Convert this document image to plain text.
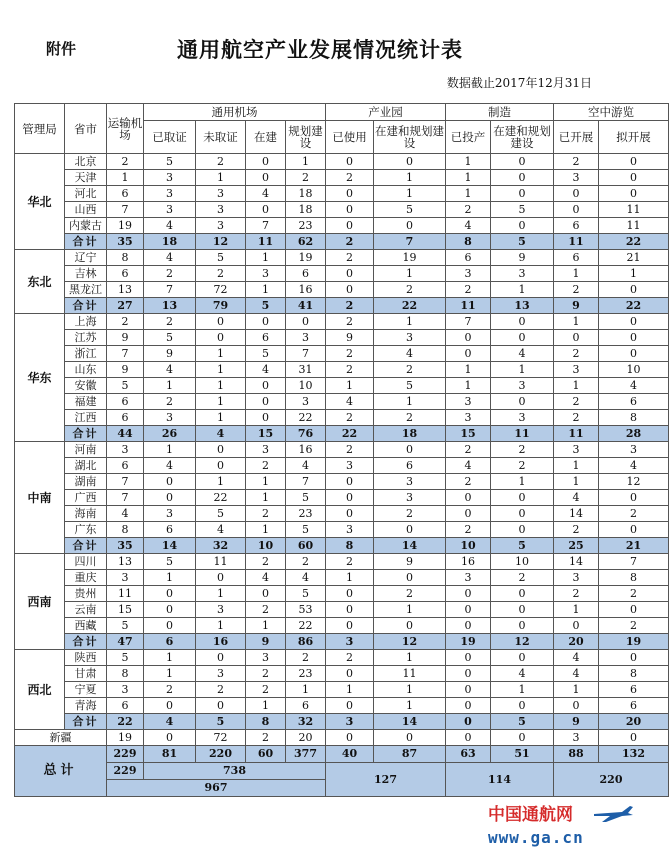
附件	通用航空产业发展情况统计表
数据截止2017年12月31日
管理局	省市	运输机场	通用机场				产业园		制造		空中游览	
			已取证	未取证	在建	规划建设	已使用	在建和规划建设	已投产	在建和规划建设	已开展	拟开展
华北	北京	2	5	2	0	1	0	0	1	0	2	0
	天津	1	3	1	0	2	2	1	1	0	3	0
	河北	6	3	3	4	18	0	1	1	0	0	0
	山西	7	3	3	0	18	0	5	2	5	0	11
	内蒙古	19	4	3	7	23	0	0	4	0	6	11
	合计	35	18	12	11	62	2	7	8	5	11	22
东北	辽宁	8	4	5	1	19	2	19	6	9	6	21
	吉林	6	2	2	3	6	0	1	3	3	1	1
	黑龙江	13	7	72	1	16	0	2	2	1	2	0
	合计	27	13	79	5	41	2	22	11	13	9	22
华东	上海	2	2	0	0	0	2	1	7	0	1	0
	江苏	9	5	0	6	3	9	3	0	0	0	0
	浙江	7	9	1	5	7	2	4	0	4	2	0
	山东	9	4	1	4	31	2	2	1	1	3	10
	安徽	5	1	1	0	10	1	5	1	3	1	4
	福建	6	2	1	0	3	4	1	3	0	2	6
	江西	6	3	1	0	22	2	2	3	3	2	8
	合计	44	26	4	15	76	22	18	15	11	11	28
中南	河南	3	1	0	3	16	2	0	2	2	3	3
	湖北	6	4	0	2	4	3	6	4	2	1	4
	湖南	7	0	1	1	7	0	3	2	1	1	12
	广西	7	0	22	1	5	0	3	0	0	4	0
	海南	4	3	5	2	23	0	2	0	0	14	2
	广东	8	6	4	1	5	3	0	2	0	2	0
	合计	35	14	32	10	60	8	14	10	5	25	21
西南	四川	13	5	11	2	2	2	9	16	10	14	7
	重庆	3	1	0	4	4	1	0	3	2	3	8
	贵州	11	0	1	0	5	0	2	0	0	2	2
	云南	15	0	3	2	53	0	1	0	0	1	0
	西藏	5	0	1	1	22	0	0	0	0	0	2
	合计	47	6	16	9	86	3	12	19	12	20	19
西北	陕西	5	1	0	3	2	2	1	0	0	4	0
	甘肃	8	1	3	2	23	0	11	0	4	4	8
	宁夏	3	2	2	2	1	1	1	0	1	1	6
	青海	6	0	0	1	6	0	1	0	0	0	6
	合计	22	4	5	8	32	3	14	0	5	9	20
新疆		19	0	72	2	20	0	0	0	0	3	0
总计		229	81	220	60	377	40	87	63	51	88	132
		229	738				127		114		220	
		967										
中国通航网
www.ga.cn
